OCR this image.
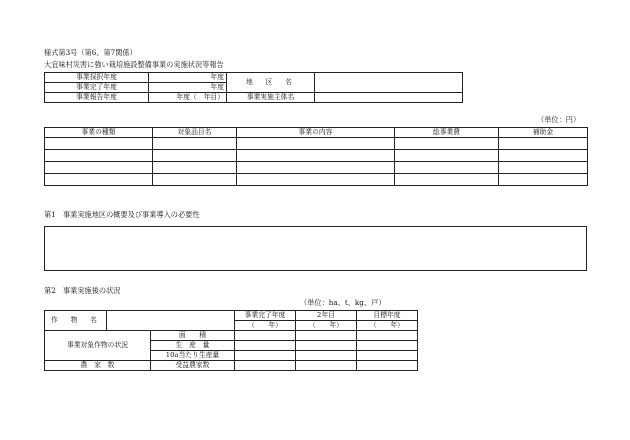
様式第3号（第6、第7関係）
大宜味村災害に強い栽培施設整備事業の実施状況等報告
事業採択年度	年度	地　区　名	
事業完了年度	年度		
事業報告年度	年度（　年目）	事業実施主体名	
（単位：円）
事業の種類	対象品目名	事業の内容	総事業費	補助金

第1　事業実施地区の概要及び事業導入の必要性
第2　事業実施後の状況
（単位：ha、t、kg、戸）
作　物　名			事業完了年度	2年目	目標年度
			（　　年）	（　　年）	（　　年）
事業対象作物の状況		面　　積			
		生　産　量			
		10a当たり生産量			
農　家　数		受益農家数			
